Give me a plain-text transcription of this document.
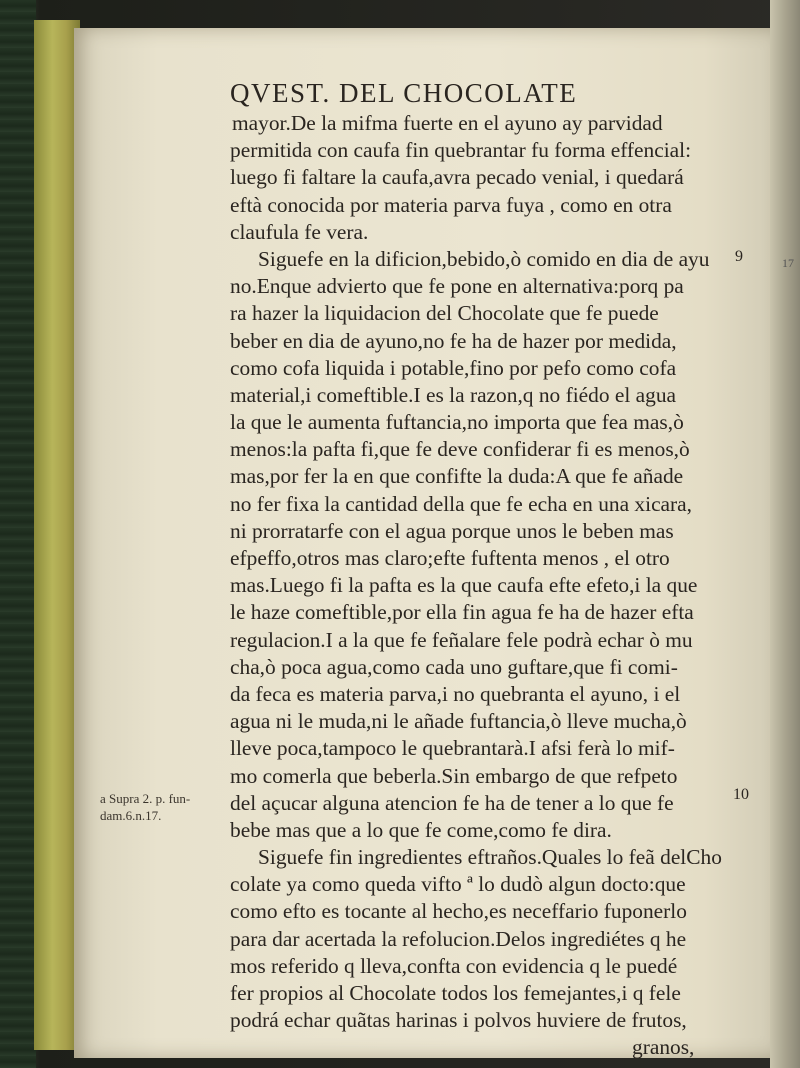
17
QVEST. DEL CHOCOLATE
mayor.De la mifma fuerte en el ayuno ay parvidad
permitida con caufa fin quebrantar fu forma effencial:
luego fi faltare la caufa,avra pecado venial, i quedará
eftà conocida por materia parva fuya , como en otra
claufula fe vera.
Siguefe en la dificion,bebido,ò comido en dia de ayu
no.Enque advierto que fe pone en alternativa:porq pa
ra hazer la liquidacion del Chocolate que fe puede
beber en dia de ayuno,no fe ha de hazer por medida,
como cofa liquida i potable,fino por pefo como cofa
material,i comeftible.I es la razon,q no fiédo el agua
la que le aumenta fuftancia,no importa que fea mas,ò
menos:la pafta fi,que fe deve confiderar fi es menos,ò
mas,por fer la en que confifte la duda:A que fe añade
no fer fixa la cantidad della que fe echa en una xicara,
ni prorratarfe con el agua porque unos le beben mas
efpeffo,otros mas claro;efte fuftenta menos , el otro
mas.Luego fi la pafta es la que caufa efte efeto,i la que
le haze comeftible,por ella fin agua fe ha de hazer efta
regulacion.I a la que fe feñalare fele podrà echar ò mu
cha,ò poca agua,como cada uno guftare,que fi comi-
da feca es materia parva,i no quebranta el ayuno, i el
agua ni le muda,ni le añade fuftancia,ò lleve mucha,ò
lleve poca,tampoco le quebrantarà.I afsi ferà lo mif-
mo comerla que beberla.Sin embargo de que refpeto
del açucar alguna atencion fe ha de tener a lo que fe
bebe mas que a lo que fe come,como fe dira.
Siguefe fin ingredientes eftraños.Quales lo feã delCho
colate ya como queda vifto ª lo dudò algun docto:que
como efto es tocante al hecho,es neceffario fuponerlo
para dar acertada la refolucion.Delos ingrediétes q he
mos referido q lleva,confta con evidencia q le puedé
fer propios al Chocolate todos los femejantes,i q fele
podrá echar quãtas harinas i polvos huviere de frutos,
granos,
a Supra 2. p. fun- dam.6.n.17.
9
10
